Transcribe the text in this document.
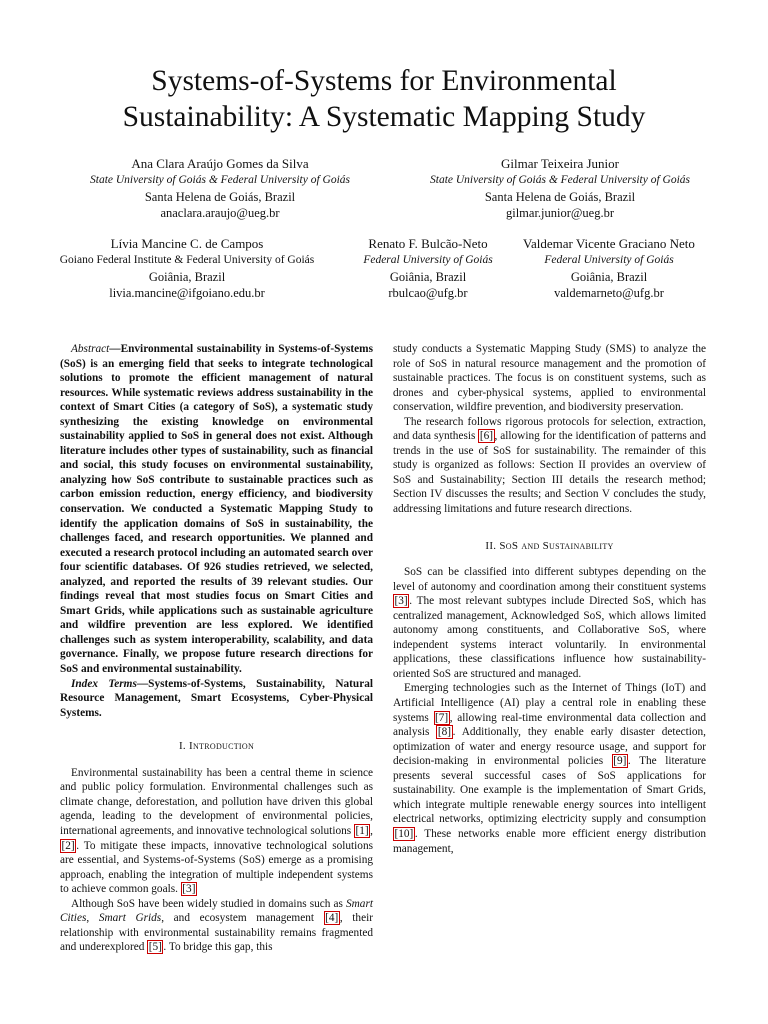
Systems-of-Systems for Environmental
Sustainability: A Systematic Mapping Study
Ana Clara Araújo Gomes da Silva
State University of Goiás & Federal University of Goiás
Santa Helena de Goiás, Brazil
anaclara.araujo@ueg.br
Gilmar Teixeira Junior
State University of Goiás & Federal University of Goiás
Santa Helena de Goiás, Brazil
gilmar.junior@ueg.br
Lívia Mancine C. de Campos
Goiano Federal Institute & Federal University of Goiás
Goiânia, Brazil
livia.mancine@ifgoiano.edu.br
Renato F. Bulcão-Neto
Federal University of Goiás
Goiânia, Brazil
rbulcao@ufg.br
Valdemar Vicente Graciano Neto
Federal University of Goiás
Goiânia, Brazil
valdemarneto@ufg.br

Abstract—Environmental sustainability in Systems-of-Systems (SoS) is an emerging field that seeks to integrate technological solutions to promote the efficient management of natural resources. While systematic reviews address sustainability in the context of Smart Cities (a category of SoS), a systematic study synthesizing the existing knowledge on environmental sustainability applied to SoS in general does not exist. Although literature includes other types of sustainability, such as financial and social, this study focuses on environmental sustainability, analyzing how SoS contribute to sustainable practices such as carbon emission reduction, energy efficiency, and biodiversity conservation. We conducted a Systematic Mapping Study to identify the application domains of SoS in sustainability, the challenges faced, and research opportunities. We planned and executed a research protocol including an automated search over four scientific databases. Of 926 studies retrieved, we selected, analyzed, and reported the results of 39 relevant studies. Our findings reveal that most studies focus on Smart Cities and Smart Grids, while applications such as sustainable agriculture and wildfire prevention are less explored. We identified challenges such as system interoperability, scalability, and data governance. Finally, we propose future research directions for SoS and environmental sustainability.

Index Terms—Systems-of-Systems, Sustainability, Natural Resource Management, Smart Ecosystems, Cyber-Physical Systems.

I. Introduction

Environmental sustainability has been a central theme in science and public policy formulation. Environmental challenges such as climate change, deforestation, and pollution have driven this global agenda, leading to the development of environmental policies, international agreements, and innovative technological solutions [1] , [2] . To mitigate these impacts, innovative technological solutions are essential, and Systems-of-Systems (SoS) emerge as a promising approach, enabling the integration of multiple independent systems to achieve common goals. [3]

Although SoS have been widely studied in domains such as Smart Cities, Smart Grids, and ecosystem management [4] , their relationship with environmental sustainability remains fragmented and underexplored [5] . To bridge this gap, this

study conducts a Systematic Mapping Study (SMS) to analyze the role of SoS in natural resource management and the promotion of sustainable practices. The focus is on constituent systems, such as drones and cyber-physical systems, applied to environmental conservation, wildfire prevention, and biodiversity preservation.

The research follows rigorous protocols for selection, extraction, and data synthesis [6] , allowing for the identification of patterns and trends in the use of SoS for sustainability. The remainder of this study is organized as follows: Section II provides an overview of SoS and Sustainability; Section III details the research method; Section IV discusses the results; and Section V concludes the study, addressing limitations and future research directions.

II. SoS and Sustainability

SoS can be classified into different subtypes depending on the level of autonomy and coordination among their constituent systems [3] . The most relevant subtypes include Directed SoS, which has centralized management, Acknowledged SoS, which allows limited autonomy among constituents, and Collaborative SoS, where independent systems interact voluntarily. In environmental applications, these classifications influence how sustainability-oriented SoS are structured and managed.

Emerging technologies such as the Internet of Things (IoT) and Artificial Intelligence (AI) play a central role in enabling these systems [7] , allowing real-time environmental data collection and analysis [8] . Additionally, they enable early disaster detection, optimization of water and energy resource usage, and support for decision-making in environmental policies [9] . The literature presents several successful cases of SoS applications for sustainability. One example is the implementation of Smart Grids, which integrate multiple renewable energy sources into intelligent electrical networks, optimizing electricity supply and consumption [10] . These networks enable more efficient energy distribution management,
